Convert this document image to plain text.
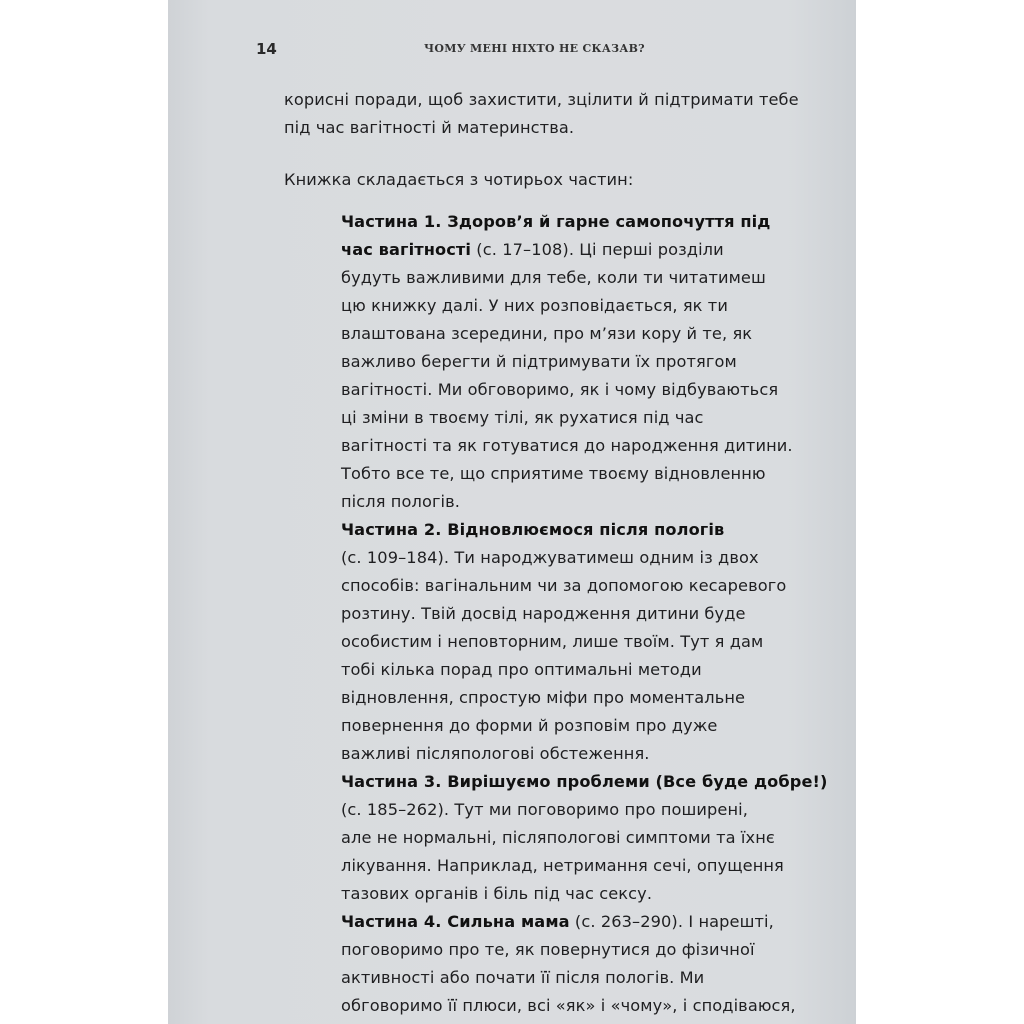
14	ЧОМУ МЕНІ НІХТО НЕ СКАЗАВ?
корисні поради, щоб захистити, зцілити й підтримати тебе
під час вагітності й материнства.
Книжка складається з чотирьох частин:
Частина 1. Здоров’я й гарне самопочуття під
час вагітності (с. 17–108). Ці перші розділи
будуть важливими для тебе, коли ти читатимеш
цю книжку далі. У них розповідається, як ти
влаштована зсередини, про м’язи кору й те, як
важливо берегти й підтримувати їх протягом
вагітності. Ми обговоримо, як і чому відбуваються
ці зміни в твоєму тілі, як рухатися під час
вагітності та як готуватися до народження дитини.
Тобто все те, що сприятиме твоєму відновленню
після пологів.
Частина 2. Відновлюємося після пологів
(с. 109–184). Ти народжуватимеш одним із двох
способів: вагінальним чи за допомогою кесаревого
розтину. Твій досвід народження дитини буде
особистим і неповторним, лише твоїм. Тут я дам
тобі кілька порад про оптимальні методи
відновлення, спростую міфи про моментальне
повернення до форми й розповім про дуже
важливі післяпологові обстеження.
Частина 3. Вирішуємо проблеми (Все буде добре!)
(с. 185–262). Тут ми поговоримо про поширені,
але не нормальні, післяпологові симптоми та їхнє
лікування. Наприклад, нетримання сечі, опущення
тазових органів і біль під час сексу.
Частина 4. Сильна мама (с. 263–290). І нарешті,
поговоримо про те, як повернутися до фізичної
активності або почати її після пологів. Ми
обговоримо її плюси, всі «як» і «чому», і сподіваюся,
